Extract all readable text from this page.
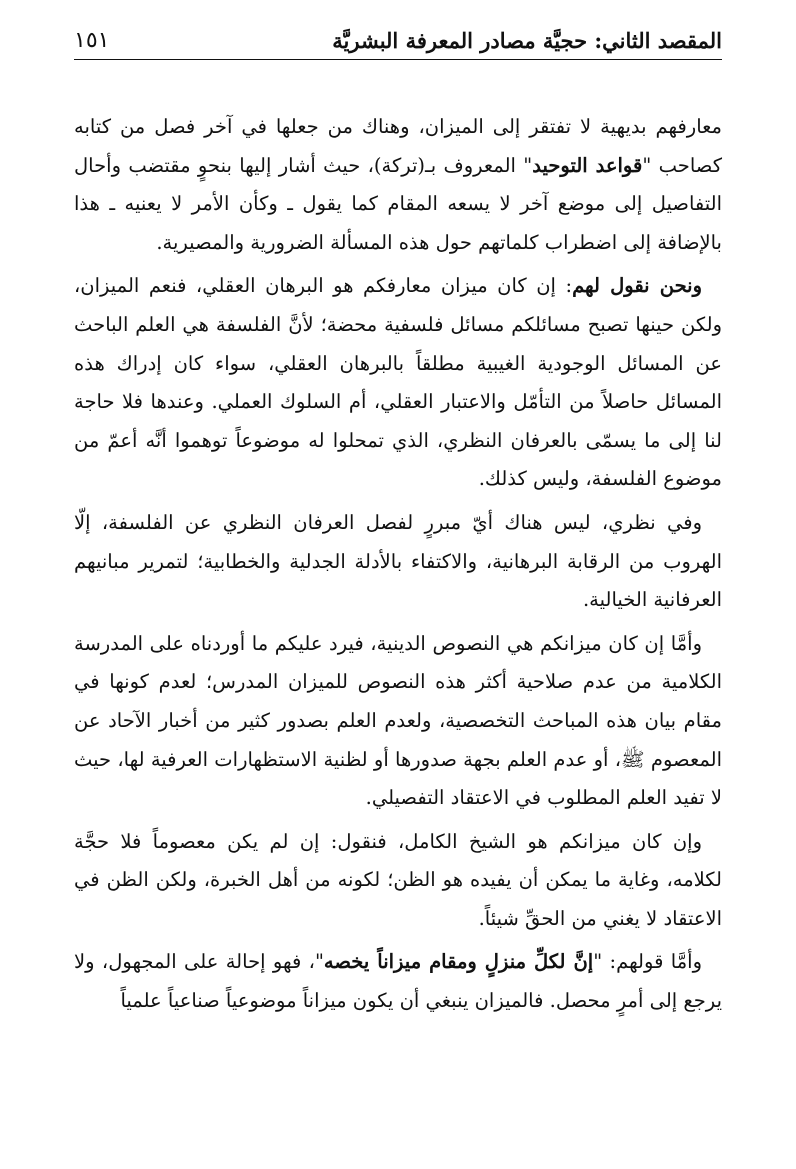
المقصد الثاني: حجيَّة مصادر المعرفة البشريَّة
١٥١

معارفهم بديهية لا تفتقر إلى الميزان، وهناك من جعلها في آخر فصل من كتابه كصاحب "قواعد التوحيد" المعروف بـ(تركة)، حيث أشار إليها بنحوٍ مقتضب وأحال التفاصيل إلى موضع آخر لا يسعه المقام كما يقول ـ وكأن الأمر لا يعنيه ـ هذا بالإضافة إلى اضطراب كلماتهم حول هذه المسألة الضرورية والمصيرية.

ونحن نقول لهم: إن كان ميزان معارفكم هو البرهان العقلي، فنعم الميزان، ولكن حينها تصبح مسائلكم مسائل فلسفية محضة؛ لأنَّ الفلسفة هي العلم الباحث عن المسائل الوجودية الغيبية مطلقاً بالبرهان العقلي، سواء كان إدراك هذه المسائل حاصلاً من التأمّل والاعتبار العقلي، أم السلوك العملي. وعندها فلا حاجة لنا إلى ما يسمّى بالعرفان النظري، الذي تمحلوا له موضوعاً توهموا أنَّه أعمّ من موضوع الفلسفة، وليس كذلك.

وفي نظري، ليس هناك أيّ مبررٍ لفصل العرفان النظري عن الفلسفة، إلّا الهروب من الرقابة البرهانية، والاكتفاء بالأدلة الجدلية والخطابية؛ لتمرير مبانيهم العرفانية الخيالية.

وأمَّا إن كان ميزانكم هي النصوص الدينية، فيرد عليكم ما أوردناه على المدرسة الكلامية من عدم صلاحية أكثر هذه النصوص للميزان المدرس؛ لعدم كونها في مقام بيان هذه المباحث التخصصية، ولعدم العلم بصدور كثير من أخبار الآحاد عن المعصوم ﷺ، أو عدم العلم بجهة صدورها أو لظنية الاستظهارات العرفية لها، حيث لا تفيد العلم المطلوب في الاعتقاد التفصيلي.

وإن كان ميزانكم هو الشيخ الكامل، فنقول: إن لم يكن معصوماً فلا حجَّة لكلامه، وغاية ما يمكن أن يفيده هو الظن؛ لكونه من أهل الخبرة، ولكن الظن في الاعتقاد لا يغني من الحقِّ شيئاً.

وأمَّا قولهم: "إنَّ لكلِّ منزلٍ ومقام ميزاناً يخصه"، فهو إحالة على المجهول، ولا يرجع إلى أمرٍ محصل. فالميزان ينبغي أن يكون ميزاناً موضوعياً صناعياً علمياً
